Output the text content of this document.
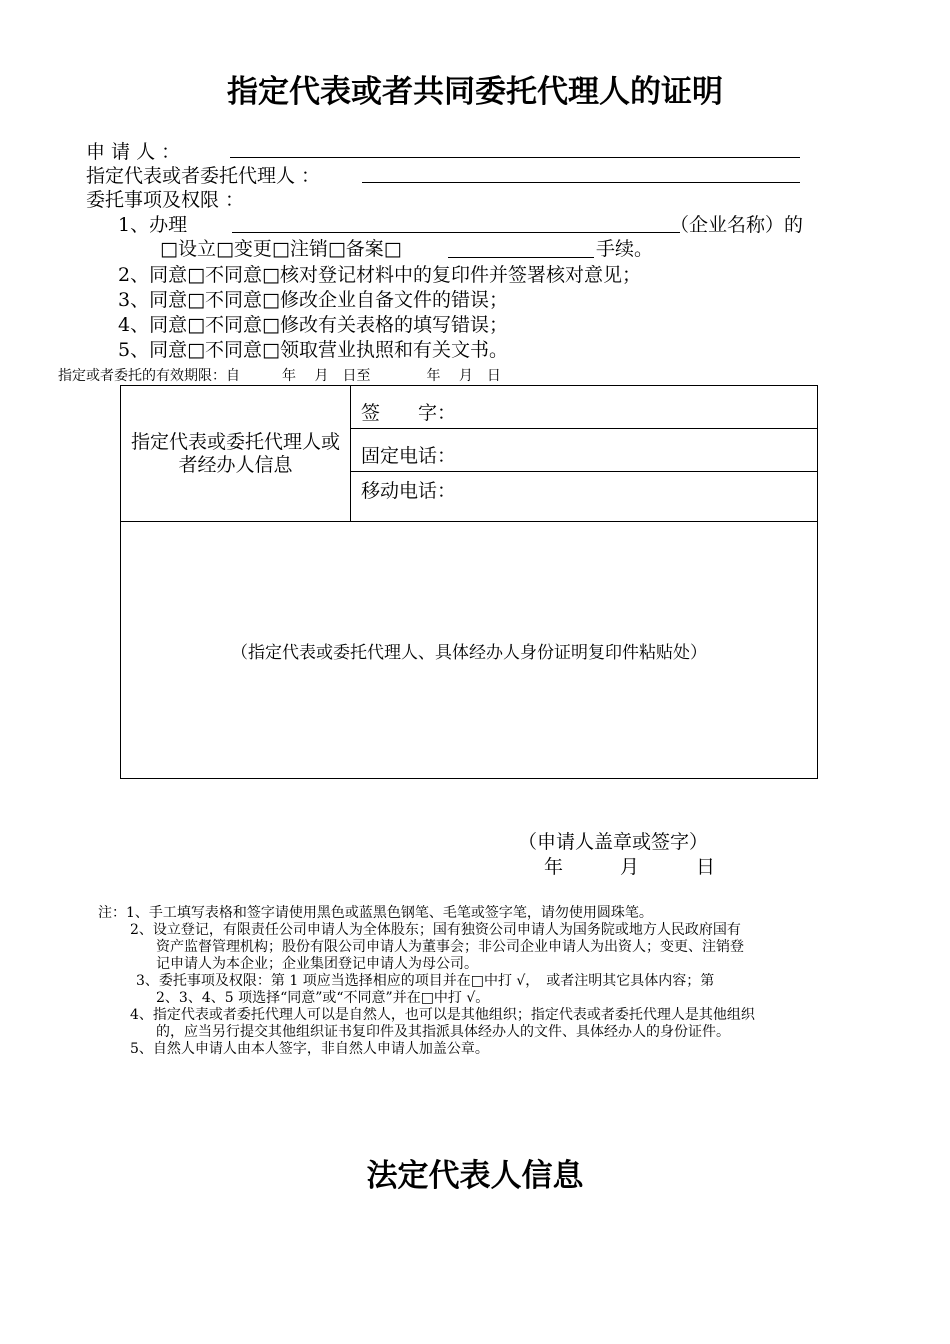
指定代表或者共同委托代理人的证明
申 请 人 ：
指定代表或者委托代理人 ：
委托事项及权限 ：
1、办理	（企业名称）的
□设立□变更□注销□备案□	手续。
2、同意□不同意□核对登记材料中的复印件并签署核对意见；
3、同意□不同意□修改企业自备文件的错误；
4、同意□不同意□修改有关表格的填写错误；
5、同意□不同意□领取营业执照和有关文书。
指定或者委托的有效期限：自　　　年　 月　日至　　　　年　 月　日
指定代表或委托代理人或者经办人信息
	签　　字：
固定电话：
移动电话：
（指定代表或委托代理人、具体经办人身份证明复印件粘贴处）
（申请人盖章或签字）
年　　　月　　　日
注：1、手工填写表格和签字请使用黑色或蓝黑色钢笔、毛笔或签字笔，请勿使用圆珠笔。
2、设立登记，有限责任公司申请人为全体股东；国有独资公司申请人为国务院或地方人民政府国有
资产监督管理机构；股份有限公司申请人为董事会；非公司企业申请人为出资人；变更、注销登
记申请人为本企业；企业集团登记申请人为母公司。
3、委托事项及权限：第 1 项应当选择相应的项目并在□中打 √，　或者注明其它具体内容；第
2、3、4、5 项选择“同意”或“不同意”并在□中打 √。
4、指定代表或者委托代理人可以是自然人，也可以是其他组织；指定代表或者委托代理人是其他组织
的，应当另行提交其他组织证书复印件及其指派具体经办人的文件、具体经办人的身份证件。
5、自然人申请人由本人签字，非自然人申请人加盖公章。
法定代表人信息
